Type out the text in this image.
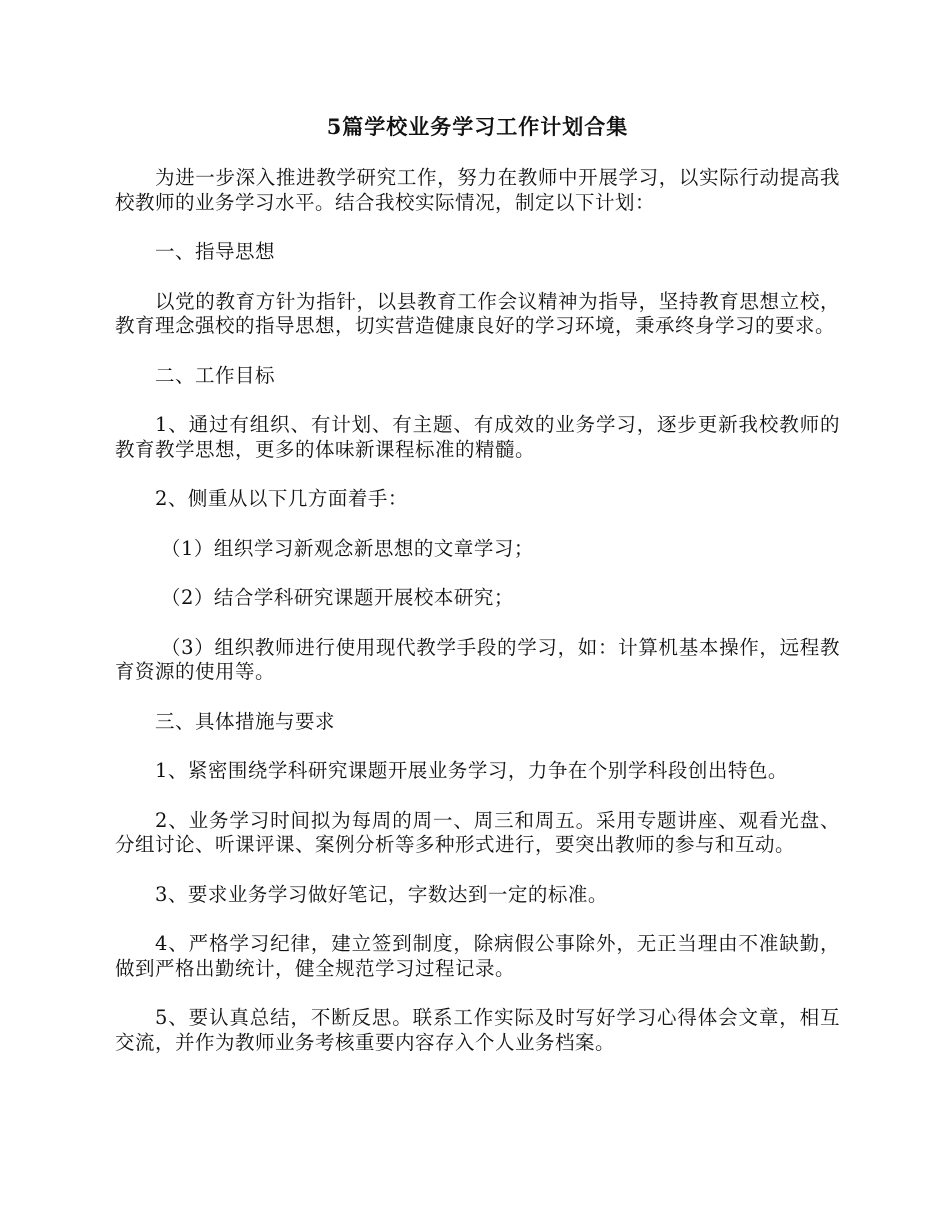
5篇学校业务学习工作计划合集

为进一步深入推进教学研究工作，努力在教师中开展学习，以实际行动提高我校教师的业务学习水平。结合我校实际情况，制定以下计划：

一、指导思想

以党的教育方针为指针，以县教育工作会议精神为指导，坚持教育思想立校，教育理念强校的指导思想，切实营造健康良好的学习环境，秉承终身学习的要求。

二、工作目标

1、通过有组织、有计划、有主题、有成效的业务学习，逐步更新我校教师的教育教学思想，更多的体味新课程标准的精髓。

2、侧重从以下几方面着手：

（1）组织学习新观念新思想的文章学习；

（2）结合学科研究课题开展校本研究；

（3）组织教师进行使用现代教学手段的学习，如：计算机基本操作，远程教育资源的使用等。

三、具体措施与要求

1、紧密围绕学科研究课题开展业务学习，力争在个别学科段创出特色。

2、业务学习时间拟为每周的周一、周三和周五。采用专题讲座、观看光盘、分组讨论、听课评课、案例分析等多种形式进行，要突出教师的参与和互动。

3、要求业务学习做好笔记，字数达到一定的标准。

4、严格学习纪律，建立签到制度，除病假公事除外，无正当理由不准缺勤，做到严格出勤统计，健全规范学习过程记录。

5、要认真总结，不断反思。联系工作实际及时写好学习心得体会文章，相互交流，并作为教师业务考核重要内容存入个人业务档案。
